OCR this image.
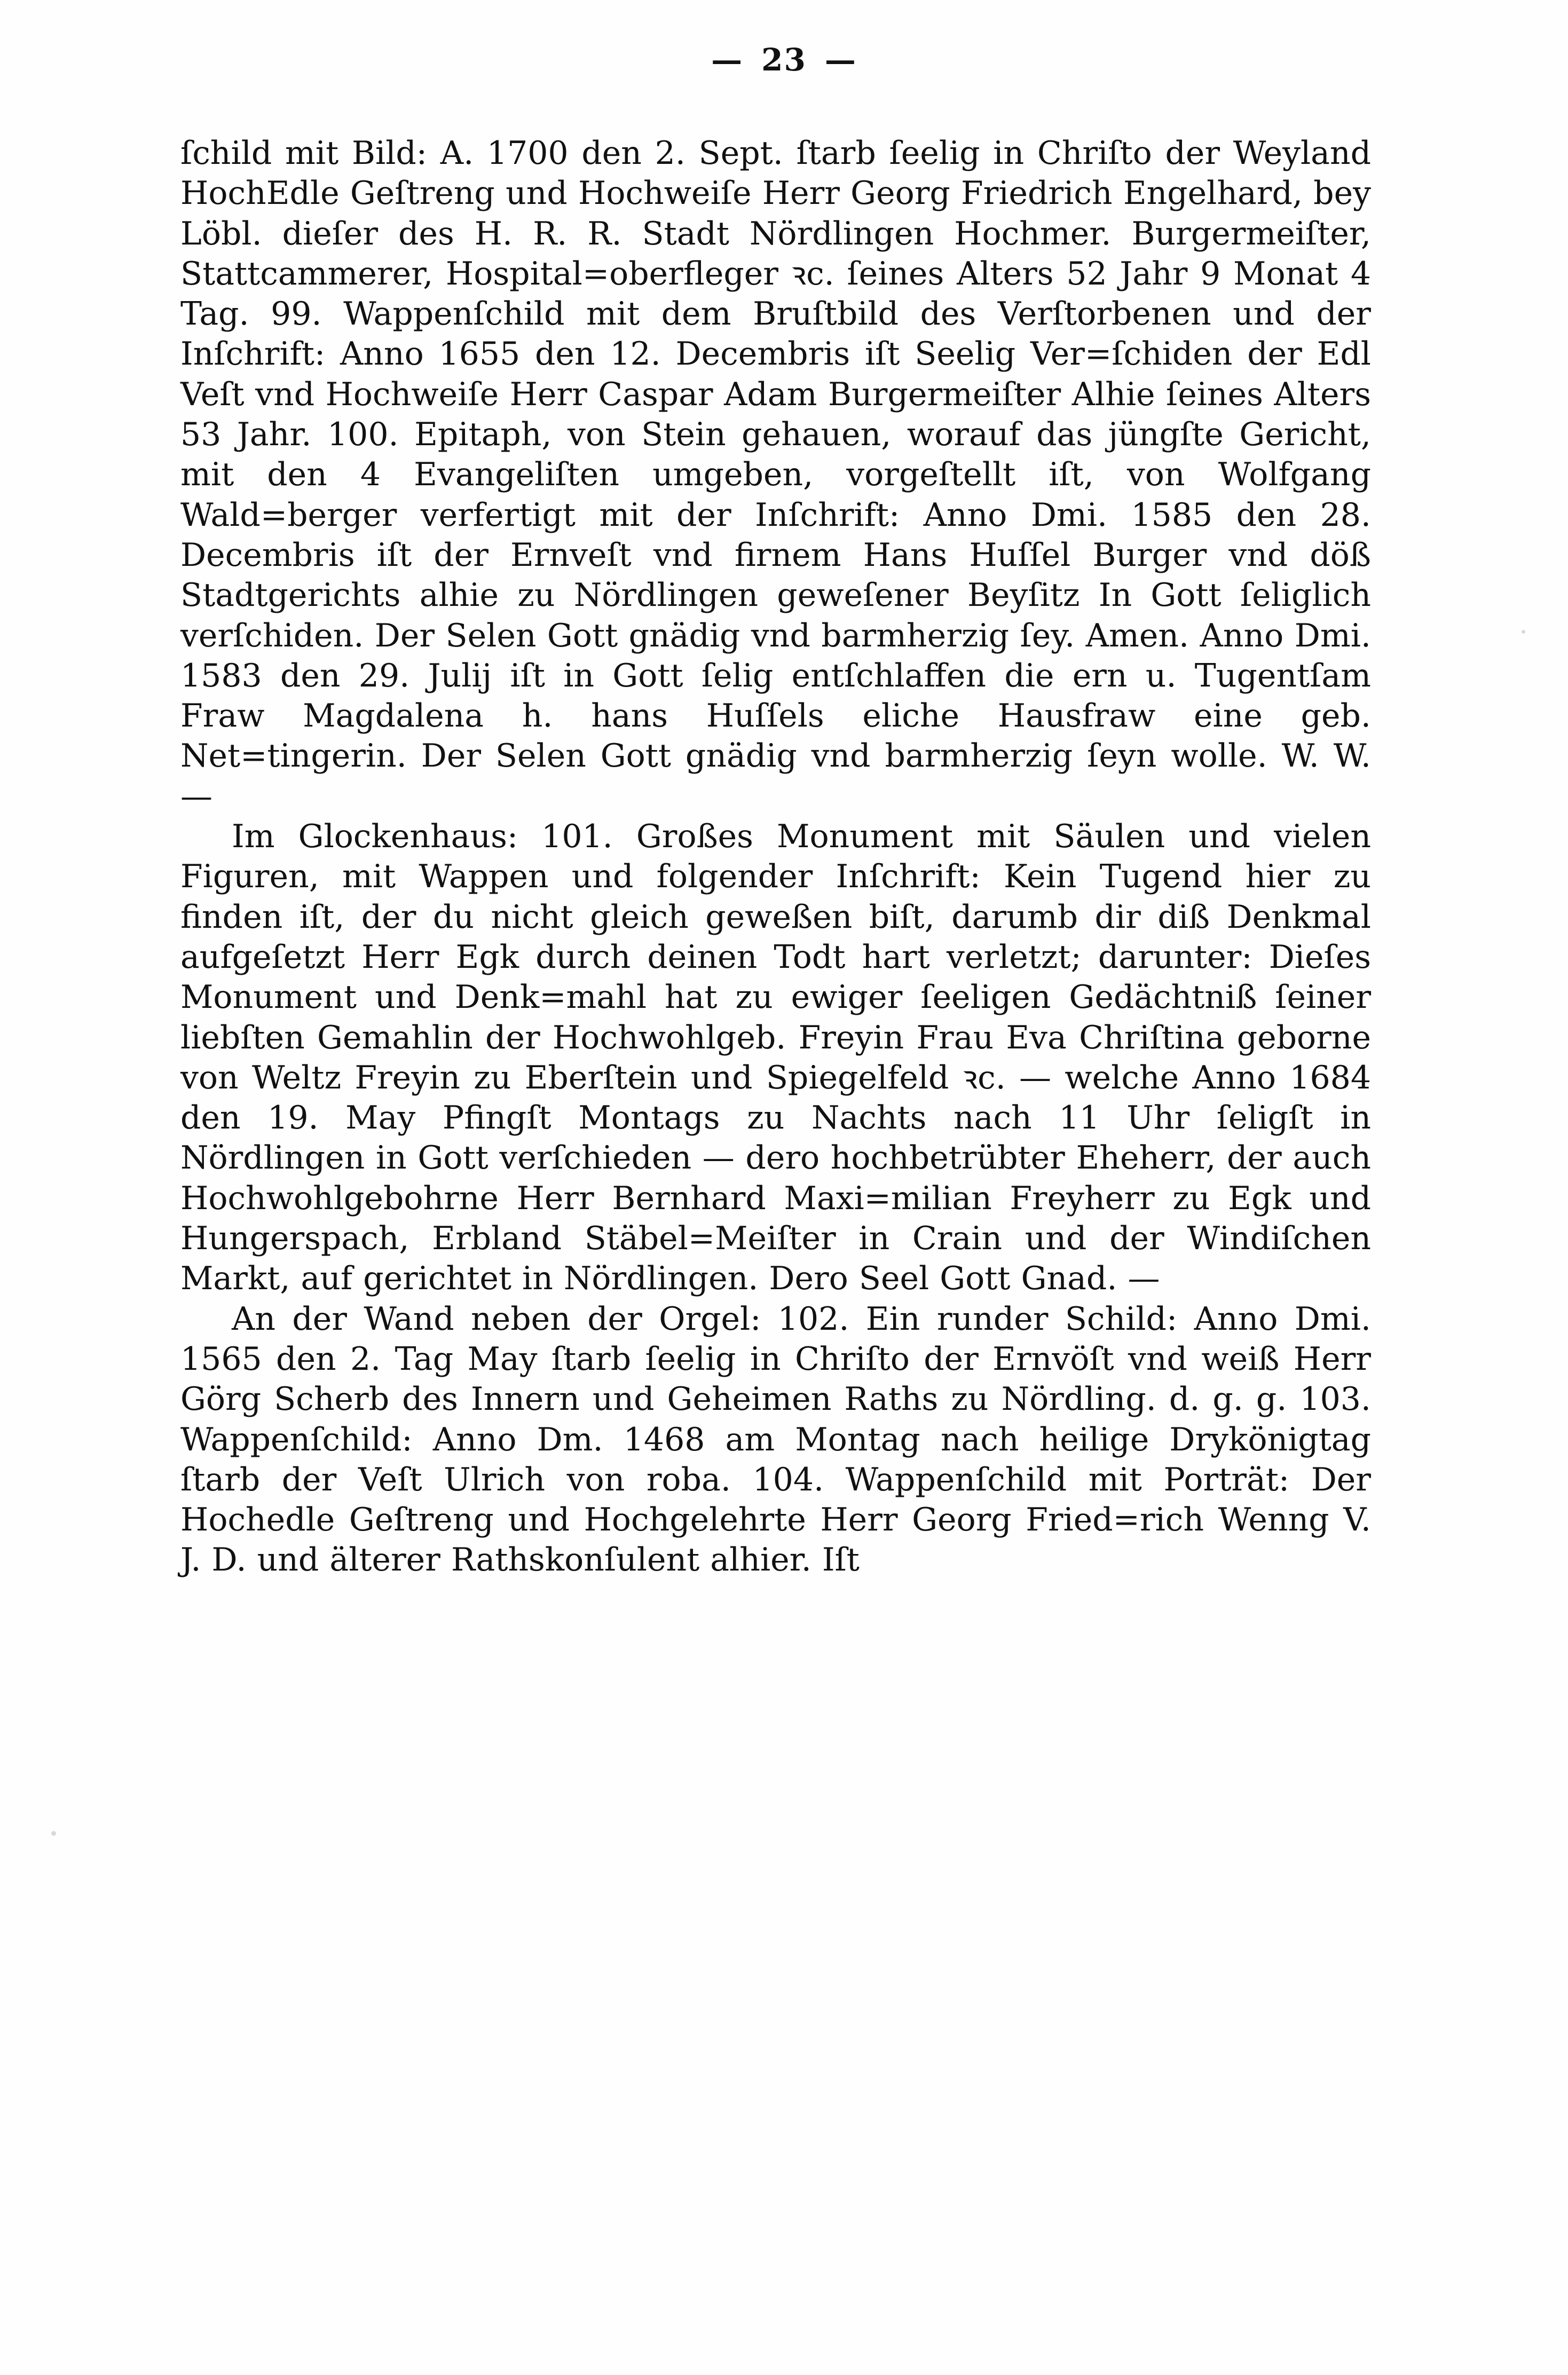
— 23 —

ſchild mit Bild: A. 1700 den 2. Sept. ſtarb ſeelig in Chriſto der Weyland HochEdle Geſtreng und Hochweiſe Herr Georg Friedrich Engelhard, bey Löbl. dieſer des H. R. R. Stadt Nördlingen Hochmer. Burgermeiſter, Stattcammerer, Hospital=oberfleger ꝛc. ſeines Alters 52 Jahr 9 Monat 4 Tag. 99. Wappenſchild mit dem Bruſtbild des Verſtorbenen und der Inſchrift: Anno 1655 den 12. Decembris iſt Seelig Ver=ſchiden der Edl Veſt vnd Hochweiſe Herr Caspar Adam Burgermeiſter Alhie ſeines Alters 53 Jahr. 100. Epitaph, von Stein gehauen, worauf das jüngſte Gericht, mit den 4 Evangeliſten umgeben, vorgeſtellt iſt, von Wolfgang Wald=berger verfertigt mit der Inſchrift: Anno Dmi. 1585 den 28. Decembris iſt der Ernveſt vnd firnem Hans Huſſel Burger vnd döß Stadtgerichts alhie zu Nördlingen geweſener Beyſitz In Gott ſeliglich verſchiden. Der Selen Gott gnädig vnd barmherzig ſey. Amen. Anno Dmi. 1583 den 29. Julij iſt in Gott ſelig entſchlaffen die ern u. Tugentſam Fraw Magdalena h. hans Huſſels eliche Hausfraw eine geb. Net=tingerin. Der Selen Gott gnädig vnd barmherzig ſeyn wolle. W. W. —

Im Glockenhaus: 101. Großes Monument mit Säulen und vielen Figuren, mit Wappen und folgender Inſchrift: Kein Tugend hier zu finden iſt, der du nicht gleich geweßen biſt, darumb dir diß Denkmal aufgeſetzt Herr Egk durch deinen Todt hart verletzt; darunter: Dieſes Monument und Denk=mahl hat zu ewiger ſeeligen Gedächtniß ſeiner liebſten Gemahlin der Hochwohlgeb. Freyin Frau Eva Chriſtina geborne von Weltz Freyin zu Eberſtein und Spiegelfeld ꝛc. — welche Anno 1684 den 19. May Pfingſt Montags zu Nachts nach 11 Uhr ſeligſt in Nördlingen in Gott verſchieden — dero hochbetrübter Eheherr, der auch Hochwohlgebohrne Herr Bernhard Maxi=milian Freyherr zu Egk und Hungerspach, Erbland Stäbel=Meiſter in Crain und der Windiſchen Markt, auf gerichtet in Nördlingen. Dero Seel Gott Gnad. —

An der Wand neben der Orgel: 102. Ein runder Schild: Anno Dmi. 1565 den 2. Tag May ſtarb ſeelig in Chriſto der Ernvöſt vnd weiß Herr Görg Scherb des Innern und Geheimen Raths zu Nördling. d. g. g. 103. Wappenſchild: Anno Dm. 1468 am Montag nach heilige Drykönigtag ſtarb der Veſt Ulrich von roba. 104. Wappenſchild mit Porträt: Der Hochedle Geſtreng und Hochgelehrte Herr Georg Fried=rich Wenng V. J. D. und älterer Rathskonſulent alhier. Iſt
